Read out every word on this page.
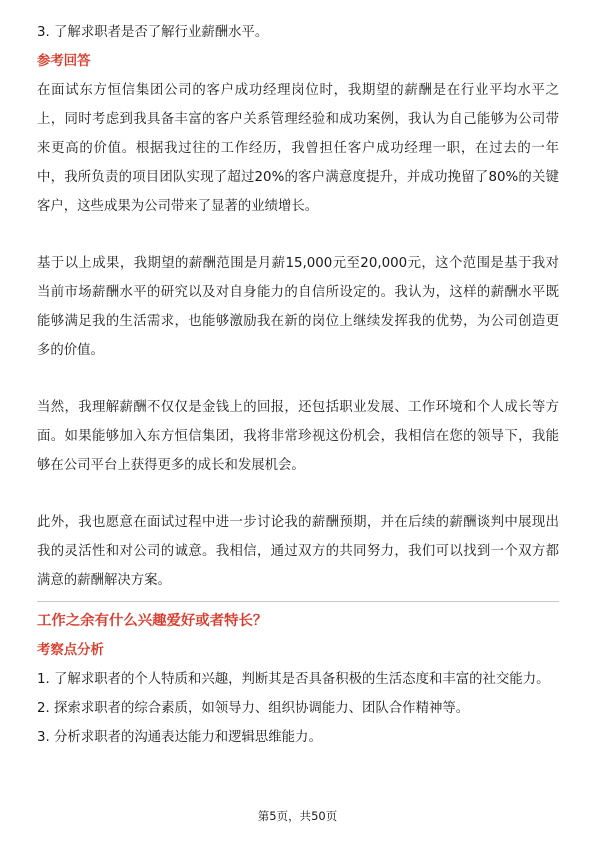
3. 了解求职者是否了解行业薪酬水平。

参考回答

在面试东方恒信集团公司的客户成功经理岗位时，我期望的薪酬是在行业平均水平之上，同时考虑到我具备丰富的客户关系管理经验和成功案例，我认为自己能够为公司带来更高的价值。根据我过往的工作经历，我曾担任客户成功经理一职，在过去的一年中，我所负责的项目团队实现了超过20%的客户满意度提升，并成功挽留了80%的关键客户，这些成果为公司带来了显著的业绩增长。

基于以上成果，我期望的薪酬范围是月薪15,000元至20,000元，这个范围是基于我对当前市场薪酬水平的研究以及对自身能力的自信所设定的。我认为，这样的薪酬水平既能够满足我的生活需求，也能够激励我在新的岗位上继续发挥我的优势，为公司创造更多的价值。

当然，我理解薪酬不仅仅是金钱上的回报，还包括职业发展、工作环境和个人成长等方面。如果能够加入东方恒信集团，我将非常珍视这份机会，我相信在您的领导下，我能够在公司平台上获得更多的成长和发展机会。

此外，我也愿意在面试过程中进一步讨论我的薪酬预期，并在后续的薪酬谈判中展现出我的灵活性和对公司的诚意。我相信，通过双方的共同努力，我们可以找到一个双方都满意的薪酬解决方案。

工作之余有什么兴趣爱好或者特长？

考察点分析

1. 了解求职者的个人特质和兴趣，判断其是否具备积极的生活态度和丰富的社交能力。

2. 探索求职者的综合素质，如领导力、组织协调能力、团队合作精神等。

3. 分析求职者的沟通表达能力和逻辑思维能力。

第5页，共50页
